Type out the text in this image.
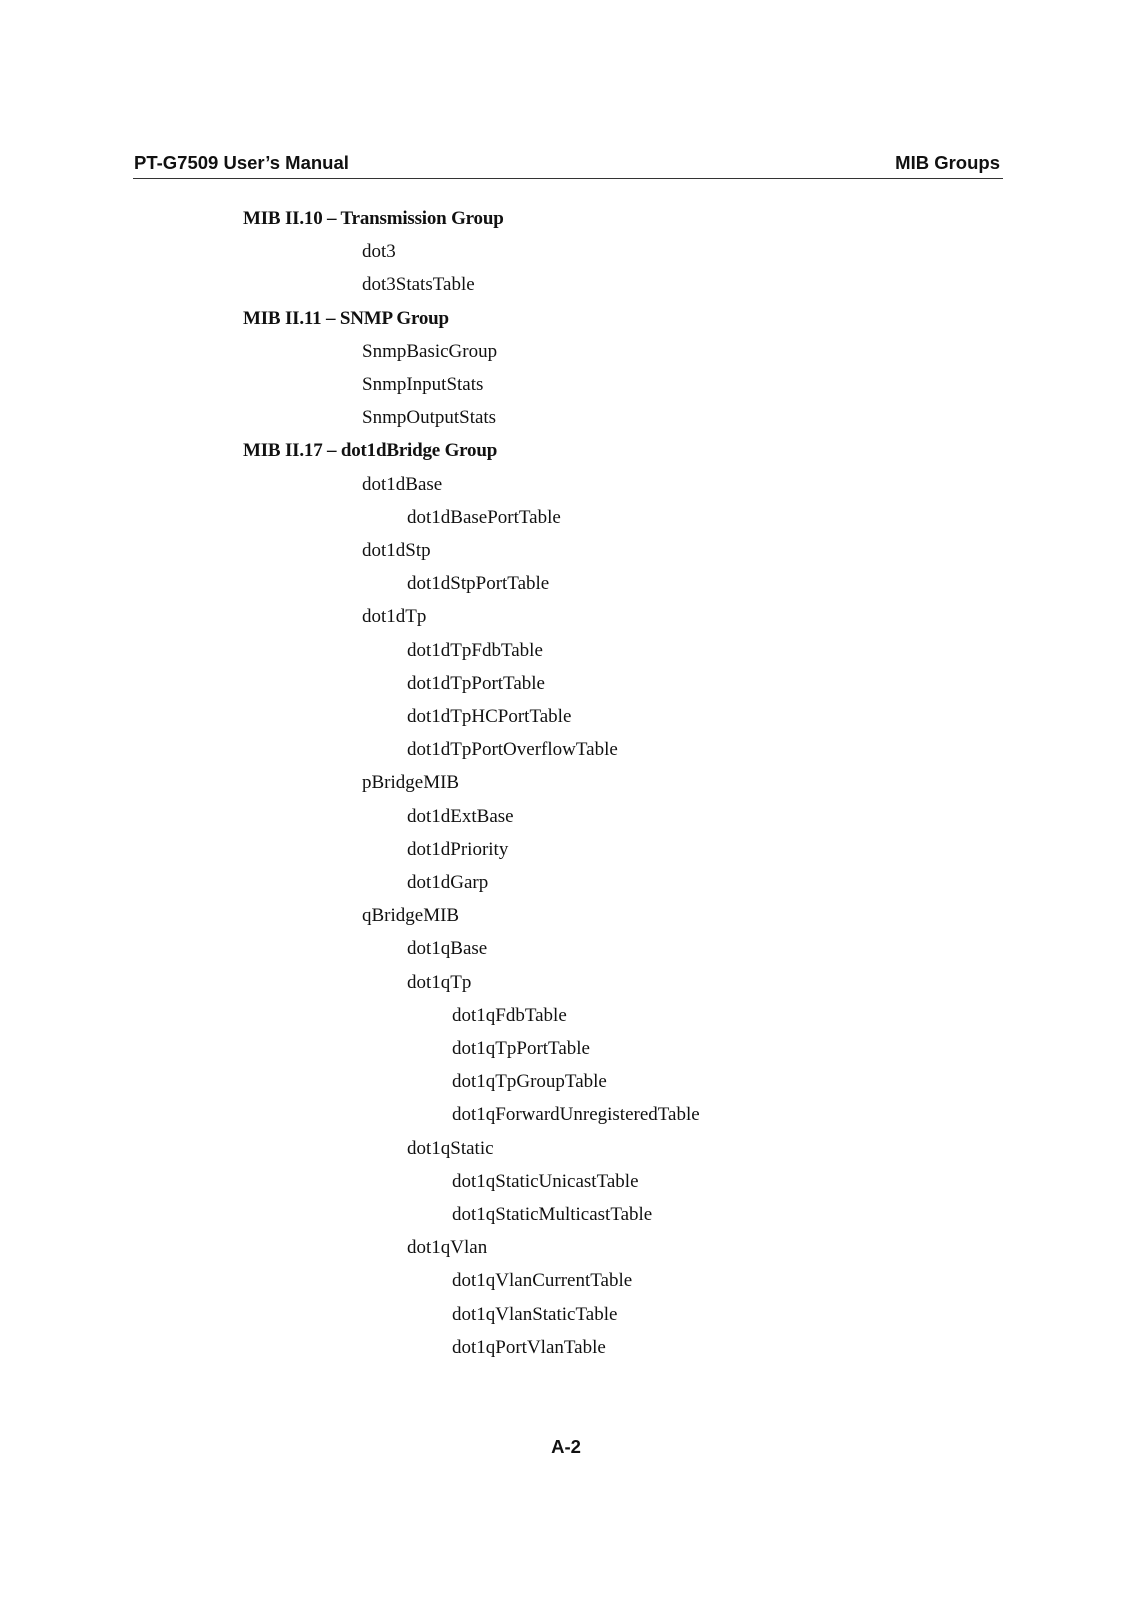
PT-G7509 User’s Manual	MIB Groups
MIB II.10 – Transmission Group
dot3
dot3StatsTable
MIB II.11 – SNMP Group
SnmpBasicGroup
SnmpInputStats
SnmpOutputStats
MIB II.17 – dot1dBridge Group
dot1dBase
dot1dBasePortTable
dot1dStp
dot1dStpPortTable
dot1dTp
dot1dTpFdbTable
dot1dTpPortTable
dot1dTpHCPortTable
dot1dTpPortOverflowTable
pBridgeMIB
dot1dExtBase
dot1dPriority
dot1dGarp
qBridgeMIB
dot1qBase
dot1qTp
dot1qFdbTable
dot1qTpPortTable
dot1qTpGroupTable
dot1qForwardUnregisteredTable
dot1qStatic
dot1qStaticUnicastTable
dot1qStaticMulticastTable
dot1qVlan
dot1qVlanCurrentTable
dot1qVlanStaticTable
dot1qPortVlanTable
A-2
